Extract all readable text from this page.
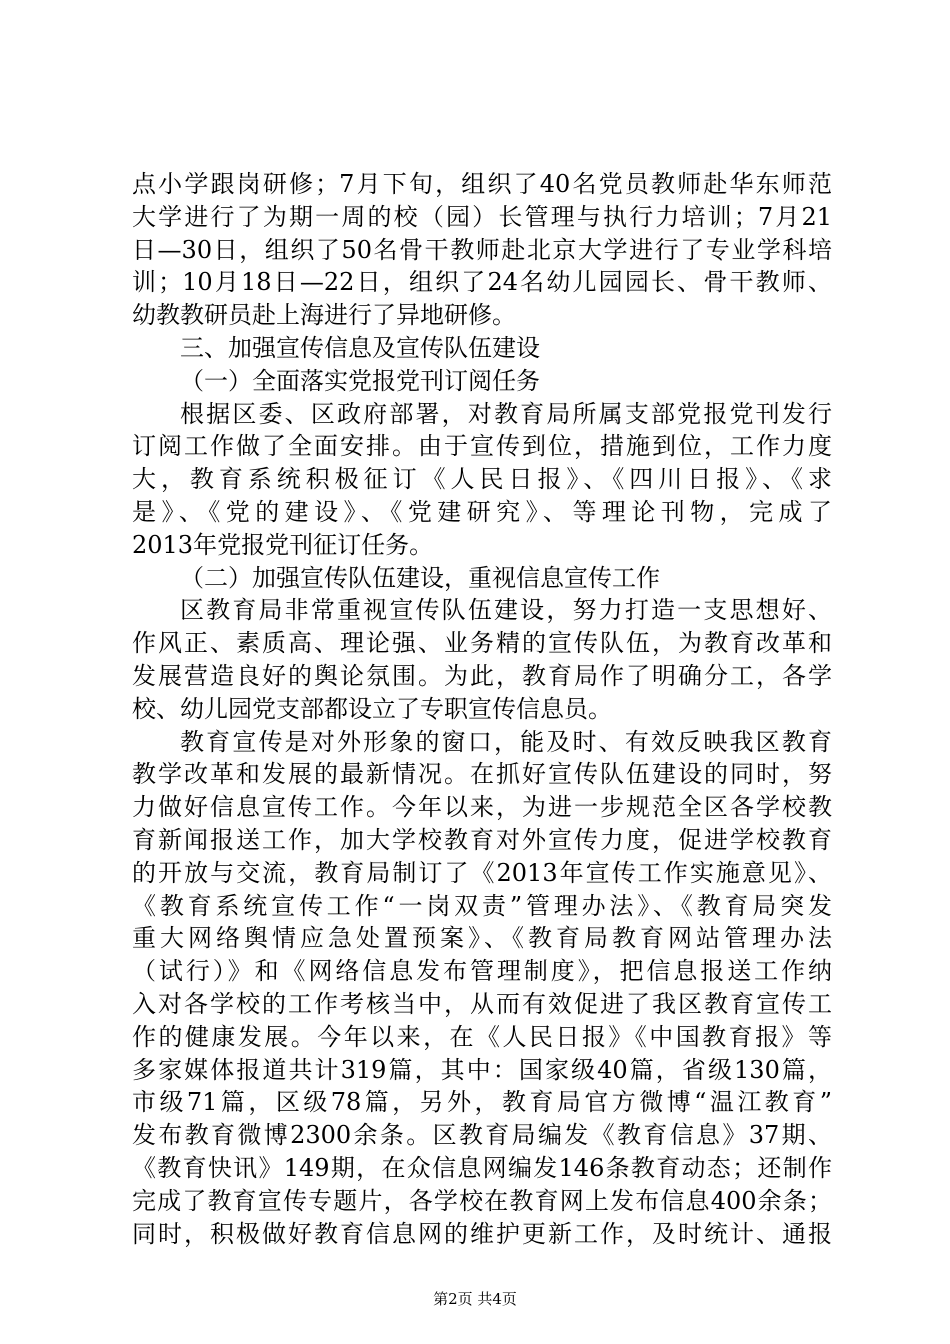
点小学跟岗研修；7月下旬，组织了40名党员教师赴华东师范
大学进行了为期一周的校（园）长管理与执行力培训；7月21
日—30日，组织了50名骨干教师赴北京大学进行了专业学科培
训；10月18日—22日，组织了24名幼儿园园长、骨干教师、
幼教教研员赴上海进行了异地研修。
三、加强宣传信息及宣传队伍建设
（一）全面落实党报党刊订阅任务
根据区委、区政府部署，对教育局所属支部党报党刊发行
订阅工作做了全面安排。由于宣传到位，措施到位，工作力度
大，教育系统积极征订《人民日报》、《四川日报》、《求
是》、《党的建设》、《党建研究》、等理论刊物，完成了
2013年党报党刊征订任务。
（二）加强宣传队伍建设，重视信息宣传工作
区教育局非常重视宣传队伍建设，努力打造一支思想好、
作风正、素质高、理论强、业务精的宣传队伍，为教育改革和
发展营造良好的舆论氛围。为此，教育局作了明确分工，各学
校、幼儿园党支部都设立了专职宣传信息员。
教育宣传是对外形象的窗口，能及时、有效反映我区教育
教学改革和发展的最新情况。在抓好宣传队伍建设的同时，努
力做好信息宣传工作。今年以来，为进一步规范全区各学校教
育新闻报送工作，加大学校教育对外宣传力度，促进学校教育
的开放与交流，教育局制订了《2013年宣传工作实施意见》、
《教育系统宣传工作“一岗双责”管理办法》、《教育局突发
重大网络舆情应急处置预案》、《教育局教育网站管理办法
（试行）》和《网络信息发布管理制度》，把信息报送工作纳
入对各学校的工作考核当中，从而有效促进了我区教育宣传工
作的健康发展。今年以来，在《人民日报》《中国教育报》等
多家媒体报道共计319篇，其中：国家级40篇，省级130篇，
市级71篇，区级78篇，另外，教育局官方微博“温江教育”
发布教育微博2300余条。区教育局编发《教育信息》37期、
《教育快讯》149期，在众信息网编发146条教育动态；还制作
完成了教育宣传专题片，各学校在教育网上发布信息400余条；
同时，积极做好教育信息网的维护更新工作，及时统计、通报
第2页 共4页
